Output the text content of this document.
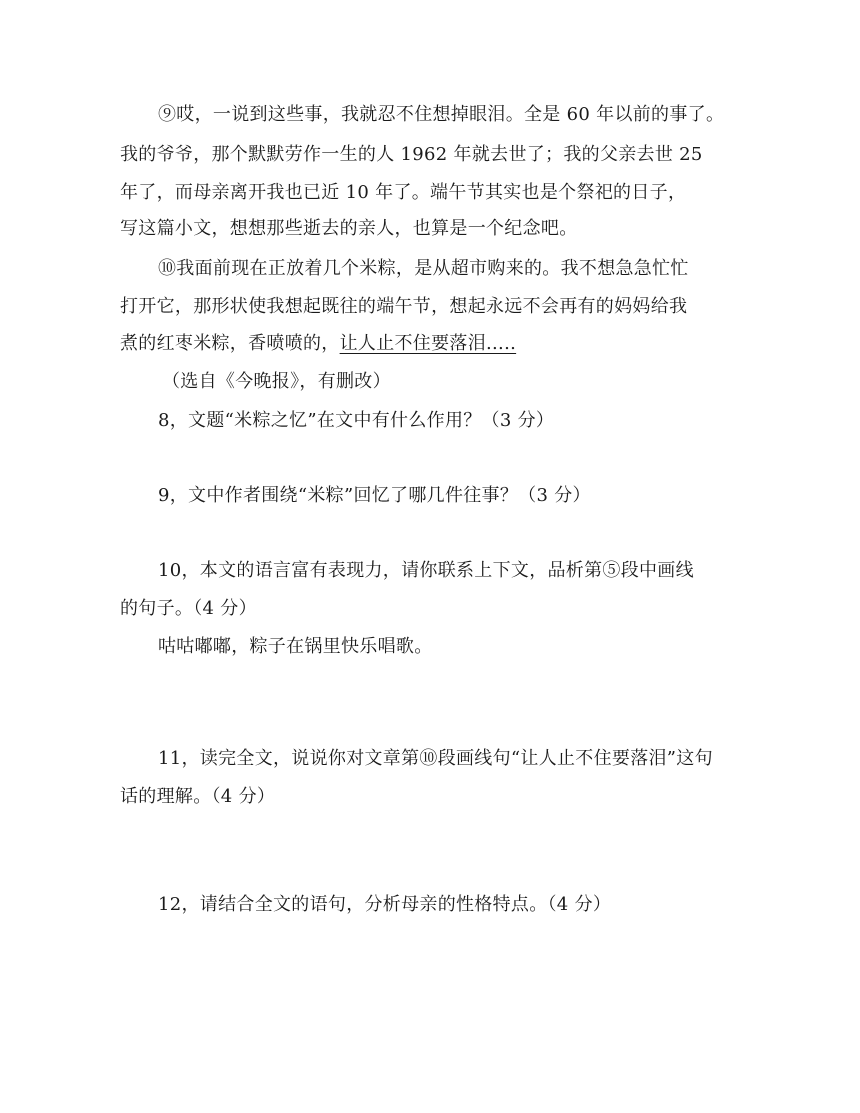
⑨哎，一说到这些事，我就忍不住想掉眼泪。全是 60 年以前的事了。
我的爷爷，那个默默劳作一生的人 1962 年就去世了；我的父亲去世 25
年了，而母亲离开我也已近 10 年了。端午节其实也是个祭祀的日子，
写这篇小文，想想那些逝去的亲人，也算是一个纪念吧。
⑩我面前现在正放着几个米粽，是从超市购来的。我不想急急忙忙
打开它，那形状使我想起既往的端午节，想起永远不会再有的妈妈给我
煮的红枣米粽，香喷喷的，让人止不住要落泪.....
（选自《今晚报》，有删改）
8，文题“米粽之忆”在文中有什么作用？（3 分）
9，文中作者围绕“米粽”回忆了哪几件往事？（3 分）
10，本文的语言富有表现力，请你联系上下文，品析第⑤段中画线
的句子。（4 分）
咕咕嘟嘟，粽子在锅里快乐唱歌。
11，读完全文，说说你对文章第⑩段画线句“让人止不住要落泪”这句
话的理解。（4 分）
12，请结合全文的语句，分析母亲的性格特点。（4 分）
